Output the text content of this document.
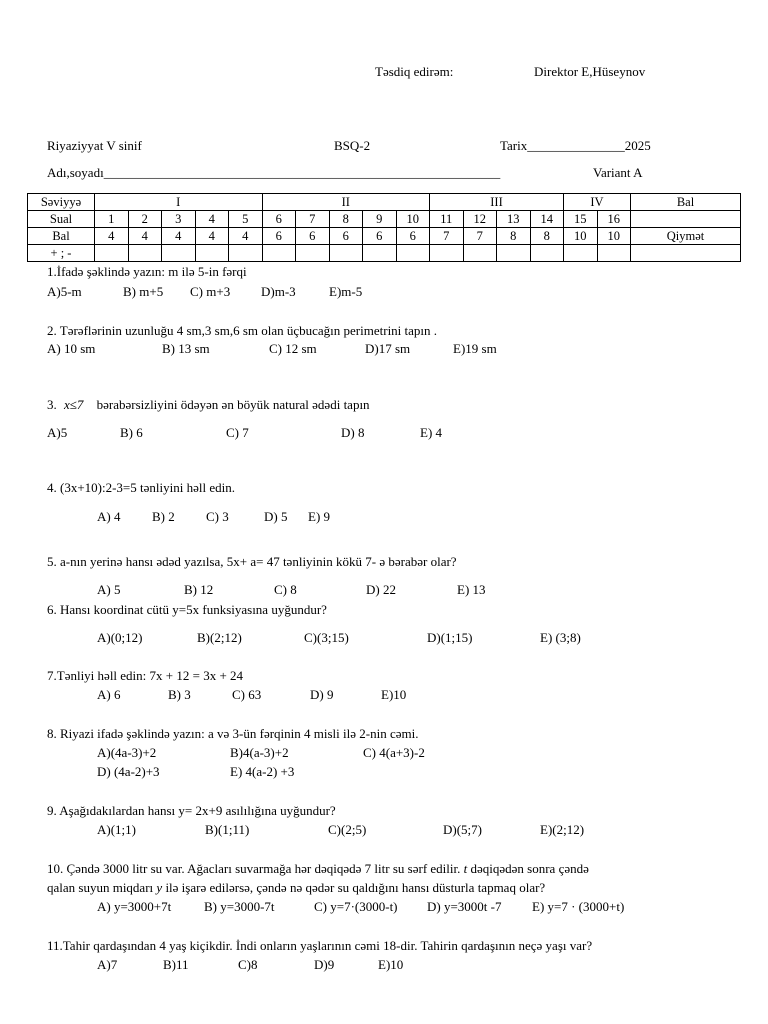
Təsdiq edirəm:	Direktor E,Hüseynov
Riyaziyyat V sinif	BSQ-2	Tarix_______________2025
Adı,soyadı_____________________________________________________________	Variant A
Səviyyə	I					II					III				IV		Bal
Sual	1	2	3	4	5	6	7	8	9	10	11	12	13	14	15	16	
Bal	4	4	4	4	4	6	6	6	6	6	7	7	8	8	10	10	Qiymət
+ ; -																	
1.İfadə şəklində yazın: m ilə 5-in fərqi
A)5-m	B) m+5 C) m+3 D)m-3	E)m-5
2. Tərəflərinin uzunluğu 4 sm,3 sm,6 sm olan üçbucağın perimetrini tapın .
A) 10 sm	B) 13 sm	C) 12 sm	D)17 sm	E)19 sm
3. x≤7 bərabərsizliyini ödəyən ən böyük natural ədədi tapın
A)5	B) 6	C) 7	D) 8	E) 4
4. (3x+10):2-3=5 tənliyini həll edin.
A) 4 B) 2 C) 3	D) 5 E) 9
5. a-nın yerinə hansı ədəd yazılsa, 5x+ a= 47 tənliyinin kökü 7- ə bərabər olar?
A) 5	B) 12	C) 8	D) 22	E) 13
6. Hansı koordinat cütü y=5x funksiyasına uyğundur?
A)(0;12)	B)(2;12)	C)(3;15)	D)(1;15)	E) (3;8)
7.Tənliyi həll edin: 7x + 12 = 3x + 24
A) 6	B) 3	C) 63	D) 9	E)10
8. Riyazi ifadə şəklində yazın: a və 3-ün fərqinin 4 misli ilə 2-nin cəmi.
A)(4a-3)+2	B)4(a-3)+2	C) 4(a+3)-2
D) (4a-2)+3	E) 4(a-2) +3
9. Aşağıdakılardan hansı y= 2x+9 asılılığına uyğundur?
A)(1;1)	B)(1;11)	C)(2;5)	D)(5;7)	E)(2;12)
10. Çəndə 3000 litr su var. Ağacları suvarmağa hər dəqiqədə 7 litr su sərf edilir. t dəqiqədən sonra çəndə
qalan suyun miqdarı y ilə işarə edilərsə, çəndə nə qədər su qaldığını hansı düsturla tapmaq olar?
A) y=3000+7t	B) y=3000-7t	C) y=7·(3000-t) D) y=3000t -7 E) y=7 · (3000+t)
11.Tahir qardaşından 4 yaş kiçikdir. İndi onların yaşlarının cəmi 18-dir. Tahirin qardaşının neçə yaşı var?
A)7	B)11	C)8	D)9	E)10
